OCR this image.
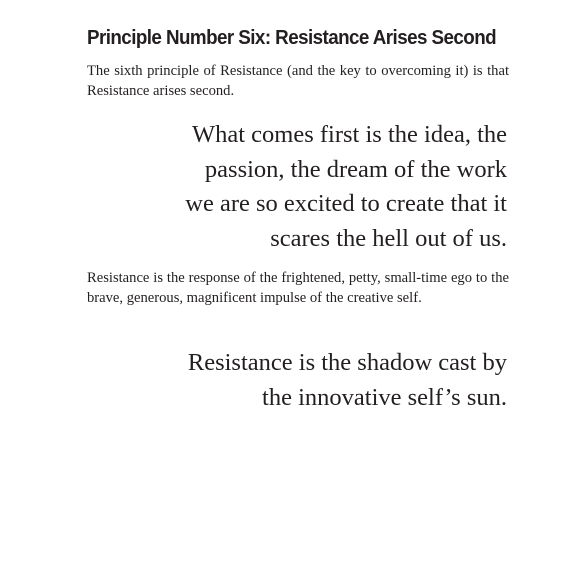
Principle Number Six: Resistance Arises Second

The sixth principle of Resistance (and the key to overcoming it) is that Resistance arises second.

What comes first is the idea, the
passion, the dream of the work
we are so excited to create that it
scares the hell out of us.

Resistance is the response of the frightened, petty, small-time ego to the brave, generous, magnificent impulse of the creative self.

Resistance is the shadow cast by
the innovative self’s sun.
